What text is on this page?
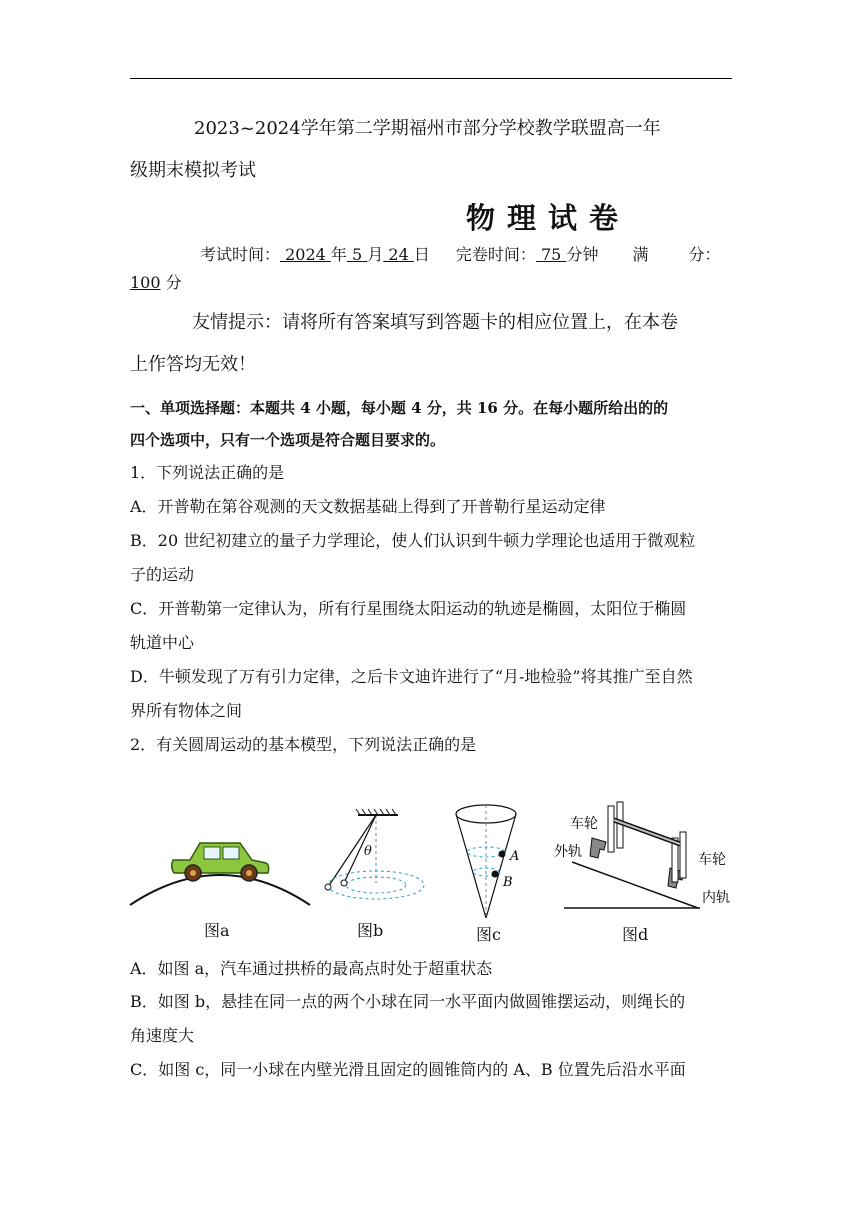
2023~2024学年第二学期福州市部分学校教学联盟高一年
级期末模拟考试
物理试卷
考试时间： 2024 年 5 月 24 日 完卷时间： 75 分钟 满	分：
100 分
友情提示：请将所有答案填写到答题卡的相应位置上，在本卷
上作答均无效！
一、单项选择题：本题共 4 小题，每小题 4 分，共 16 分。在每小题所给出的的
四个选项中，只有一个选项是符合题目要求的。
1．下列说法正确的是
A．开普勒在第谷观测的天文数据基础上得到了开普勒行星运动定律
B．20 世纪初建立的量子力学理论，使人们认识到牛顿力学理论也适用于微观粒
子的运动
C．开普勒第一定律认为，所有行星围绕太阳运动的轨迹是椭圆，太阳位于椭圆
轨道中心
D．牛顿发现了万有引力定律，之后卡文迪许进行了“月-地检验”将其推广至自然
界所有物体之间
2．有关圆周运动的基本模型，下列说法正确的是
图a
θ
图b
A
B
图c
车轮
外轨	车轮
内轨
图d
A．如图 a，汽车通过拱桥的最高点时处于超重状态
B．如图 b，悬挂在同一点的两个小球在同一水平面内做圆锥摆运动，则绳长的
角速度大
C．如图 c，同一小球在内壁光滑且固定的圆锥筒内的 A、B 位置先后沿水平面
